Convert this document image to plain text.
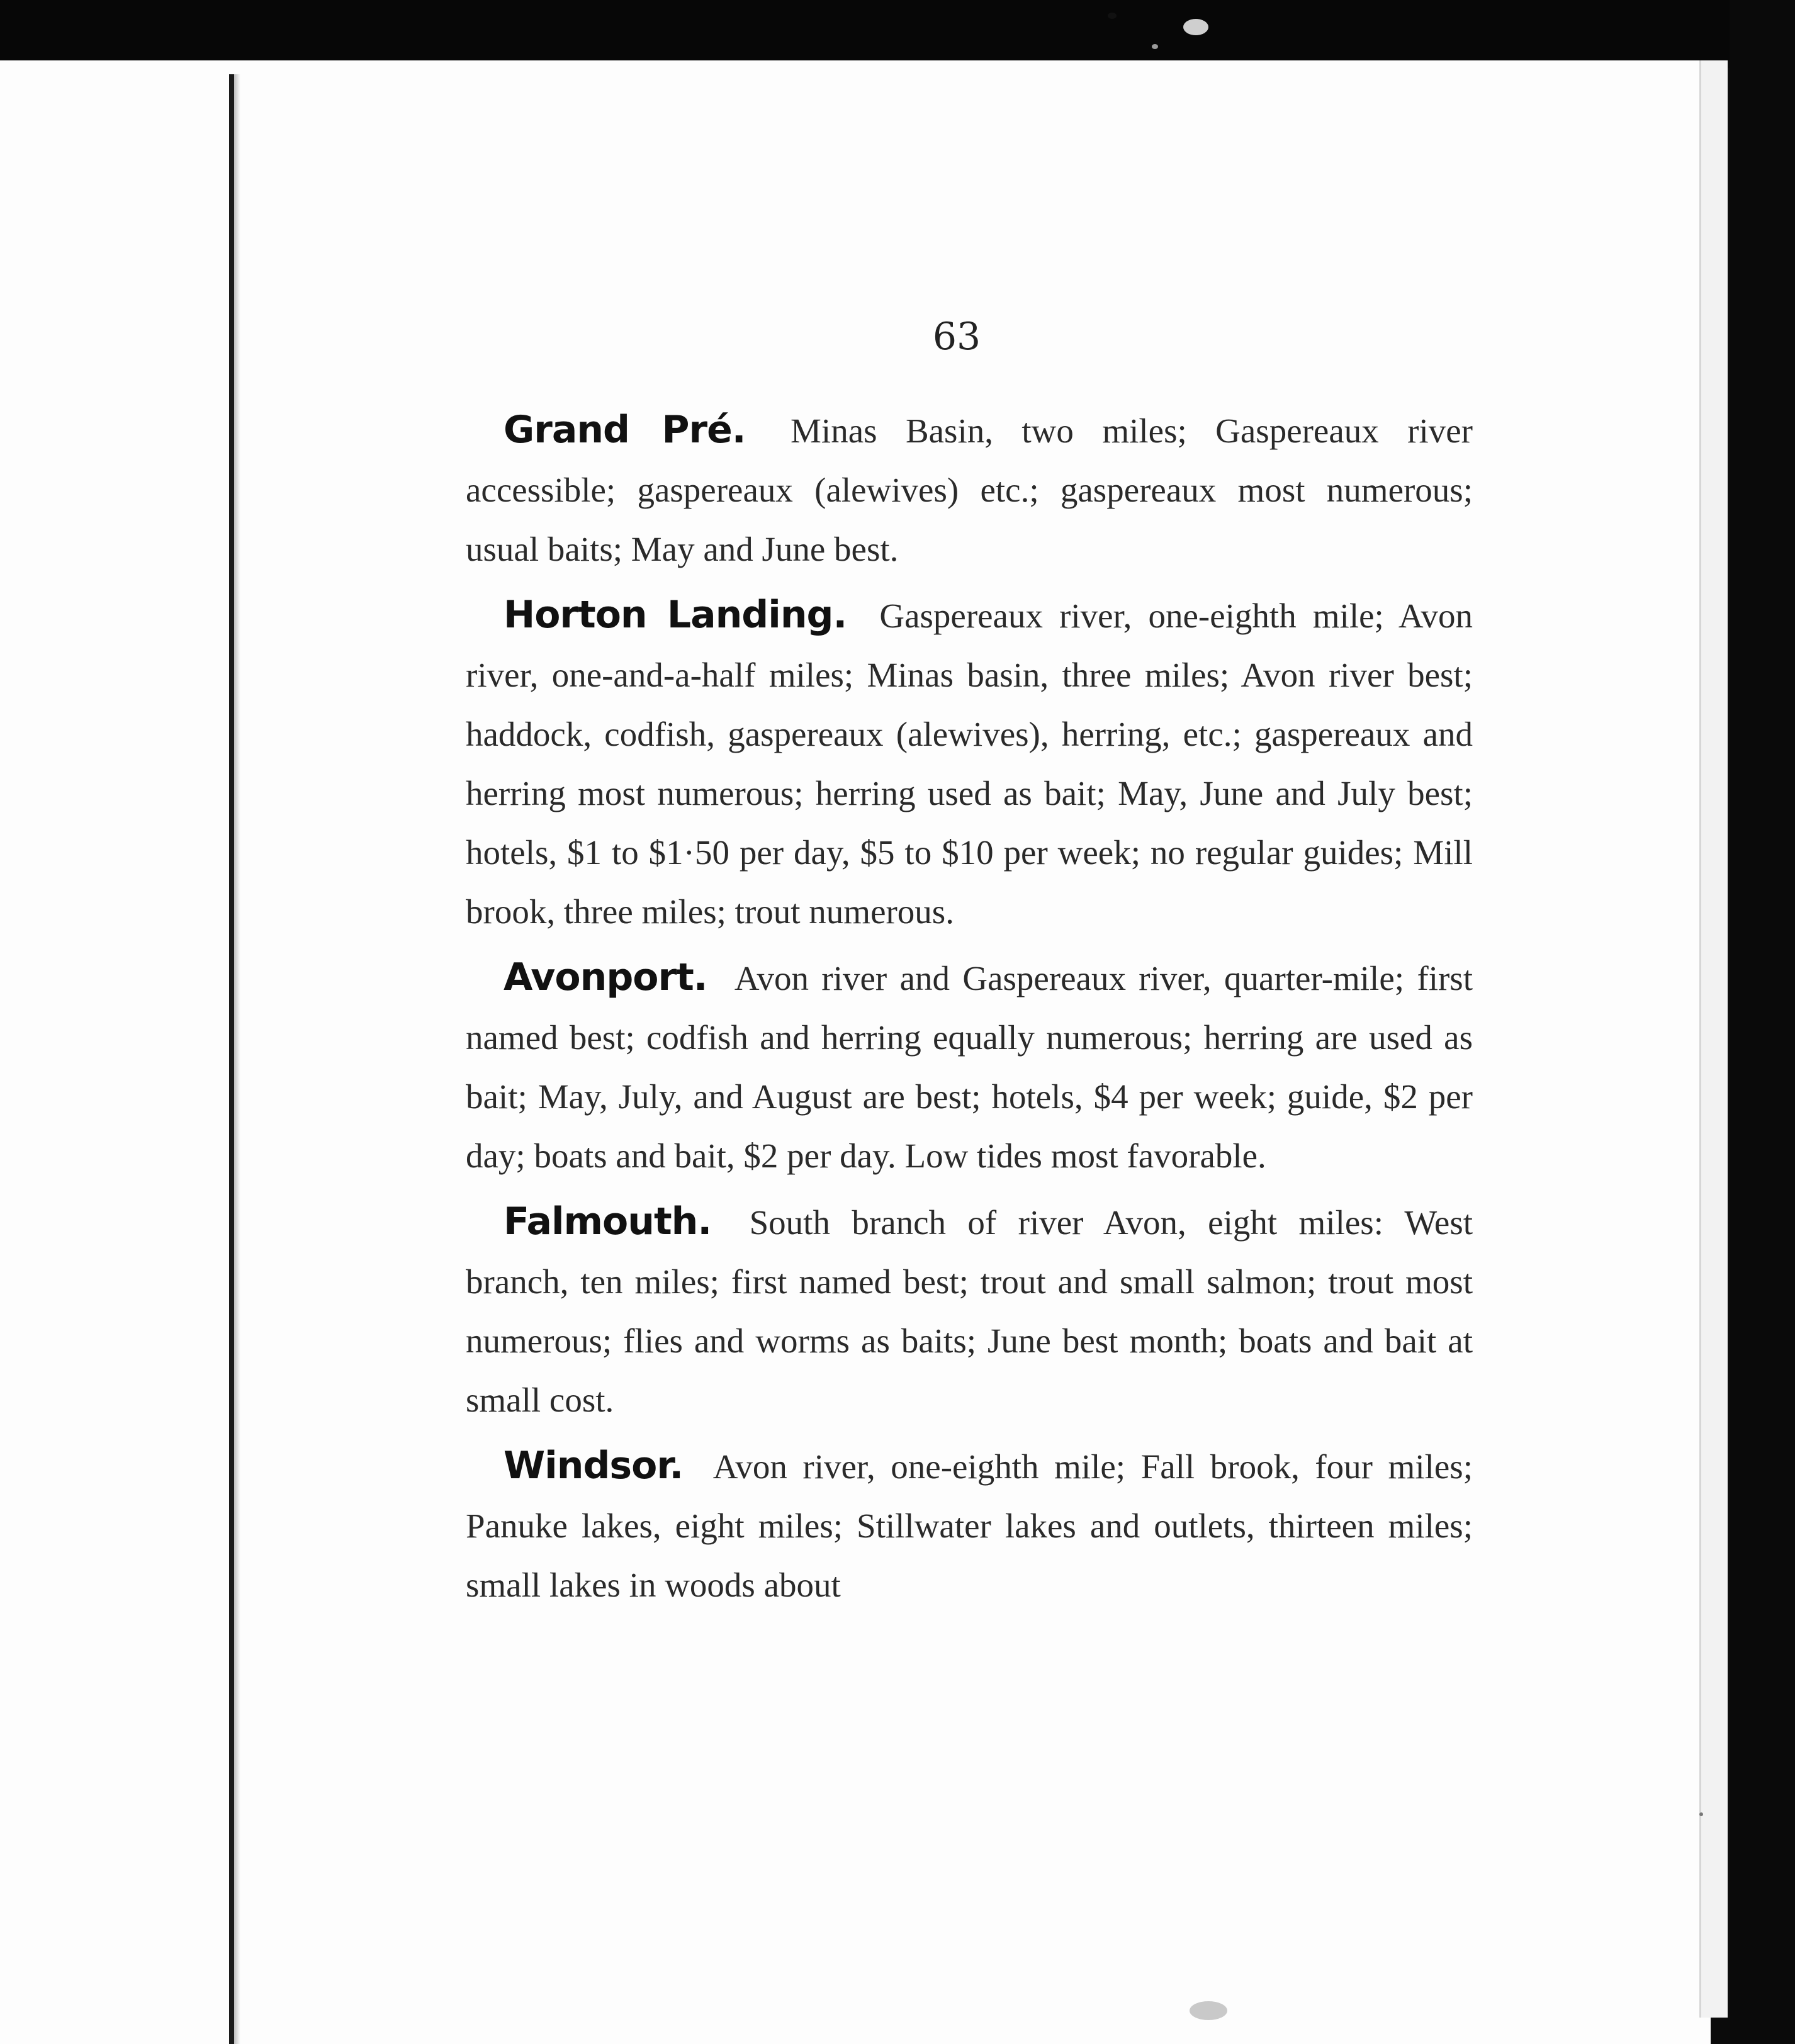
63

Grand Pré. Minas Basin, two miles; Gaspereaux river accessible; gaspereaux (alewives) etc.; gaspereaux most numerous; usual baits; May and June best.

Horton Landing. Gaspereaux river, one-eighth mile; Avon river, one-and-a-half miles; Minas basin, three miles; Avon river best; haddock, codfish, gaspereaux (alewives), herring, etc.; gaspereaux and herring most numerous; herring used as bait; May, June and July best; hotels, $1 to $1·50 per day, $5 to $10 per week; no regular guides; Mill brook, three miles; trout numerous.

Avonport. Avon river and Gaspereaux river, quarter-mile; first named best; codfish and herring equally numerous; herring are used as bait; May, July, and August are best; hotels, $4 per week; guide, $2 per day; boats and bait, $2 per day. Low tides most favorable.

Falmouth. South branch of river Avon, eight miles: West branch, ten miles; first named best; trout and small salmon; trout most numerous; flies and worms as baits; June best month; boats and bait at small cost.

Windsor. Avon river, one-eighth mile; Fall brook, four miles; Panuke lakes, eight miles; Stillwater lakes and outlets, thirteen miles; small lakes in woods about
